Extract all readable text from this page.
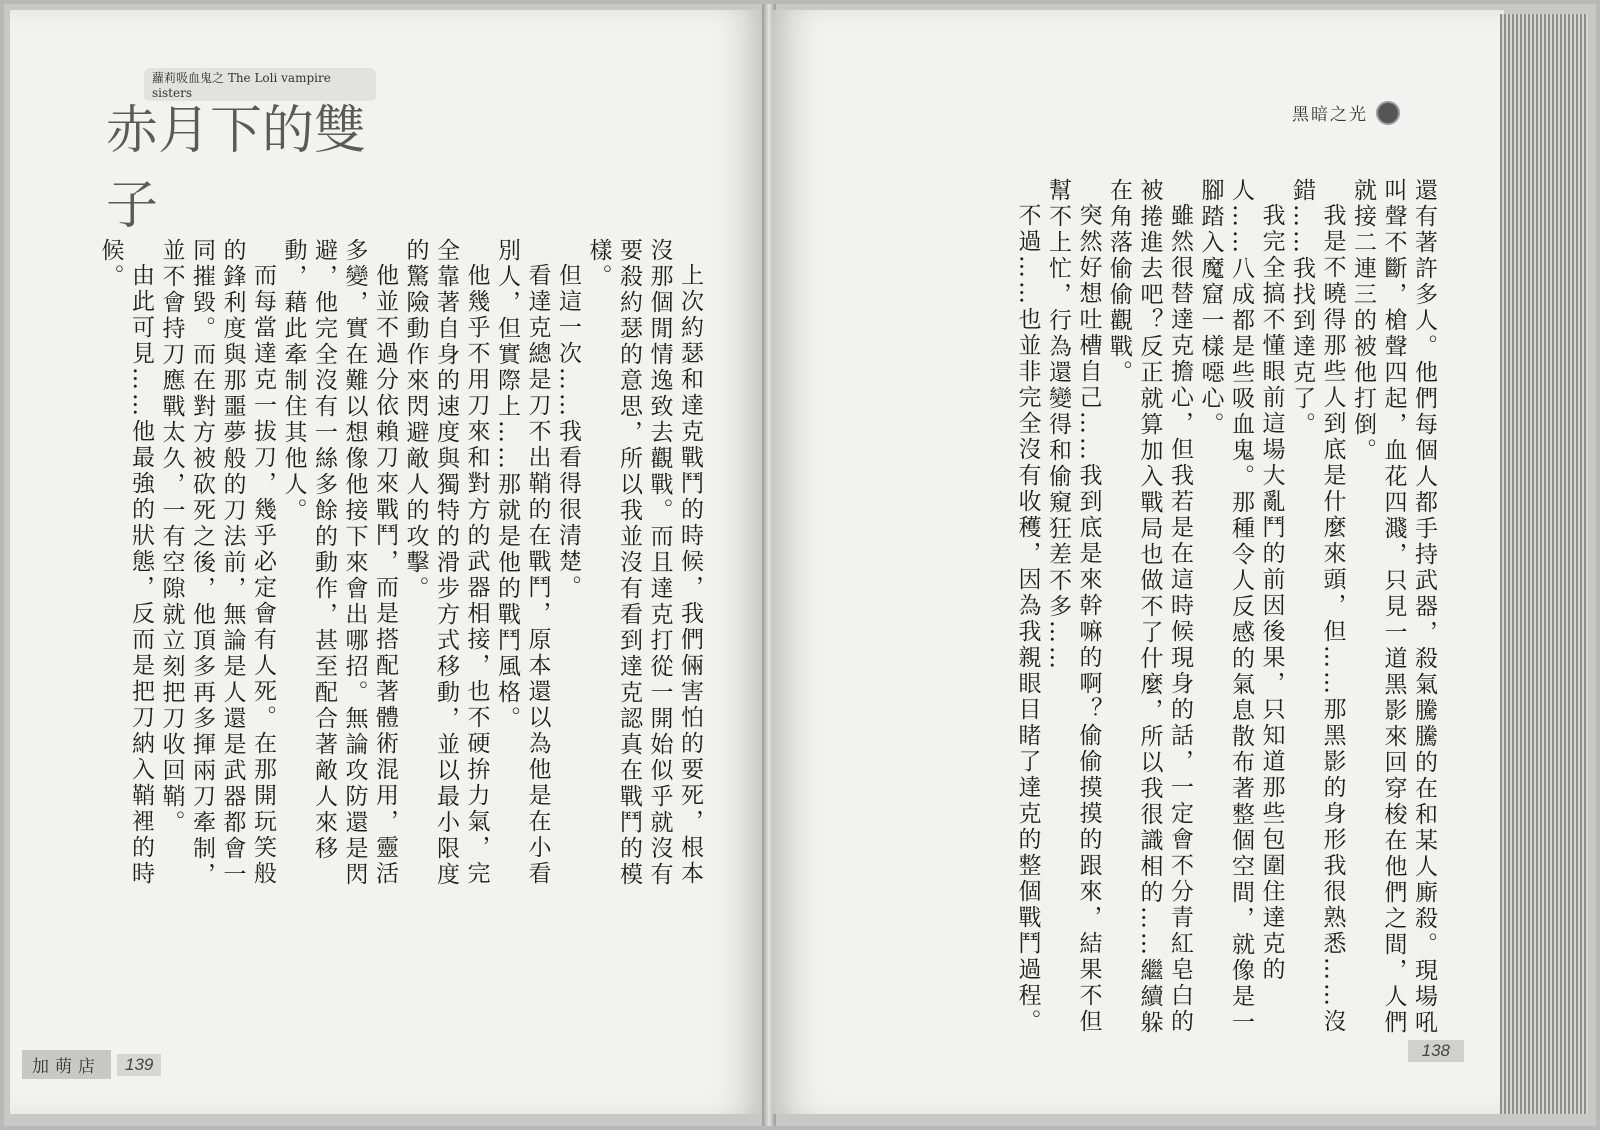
蘿莉吸血鬼之 The Loli vampire sisters
赤月下的雙子

上次約瑟和達克戰鬥的時候，我們倆害怕的要死，根本沒那個閒情逸致去觀戰。而且達克打從一開始似乎就沒有要殺約瑟的意思，所以我並沒有看到達克認真在戰鬥的模樣。

但這一次……我看得很清楚。

看達克總是刀不出鞘的在戰鬥，原本還以為他是在小看別人，但實際上……那就是他的戰鬥風格。

他幾乎不用刀來和對方的武器相接，也不硬拚力氣，完全靠著自身的速度與獨特的滑步方式移動，並以最小限度的驚險動作來閃避敵人的攻擊。

他並不過分依賴刀來戰鬥，而是搭配著體術混用，靈活多變，實在難以想像他接下來會出哪招。無論攻防還是閃避，他完全沒有一絲多餘的動作，甚至配合著敵人來移動，藉此牽制住其他人。

而每當達克一拔刀，幾乎必定會有人死。在那開玩笑般的鋒利度與那噩夢般的刀法前，無論是人還是武器都會一同摧毀。而在對方被砍死之後，他頂多再多揮兩刀牽制，並不會持刀應戰太久，一有空隙就立刻把刀收回鞘。

由此可見……他最強的狀態，反而是把刀納入鞘裡的時候。

加萌店	139
黑暗之光

還有著許多人。他們每個人都手持武器，殺氣騰騰的在和某人廝殺。現場吼叫聲不斷，槍聲四起，血花四濺，只見一道黑影來回穿梭在他們之間，人們就接二連三的被他打倒。

我是不曉得那些人到底是什麼來頭，但……那黑影的身形我很熟悉……沒錯……我找到達克了。

我完全搞不懂眼前這場大亂鬥的前因後果，只知道那些包圍住達克的人……八成都是些吸血鬼。那種令人反感的氣息散布著整個空間，就像是一腳踏入魔窟一樣噁心。

雖然很替達克擔心，但我若是在這時候現身的話，一定會不分青紅皂白的被捲進去吧？反正就算加入戰局也做不了什麼，所以我很識相的……繼續躲在角落偷偷觀戰。

突然好想吐槽自己……我到底是來幹嘛的啊？偷偷摸摸的跟來，結果不但幫不上忙，行為還變得和偷窺狂差不多……

不過……也並非完全沒有收穫，因為我親眼目睹了達克的整個戰鬥過程。

138
